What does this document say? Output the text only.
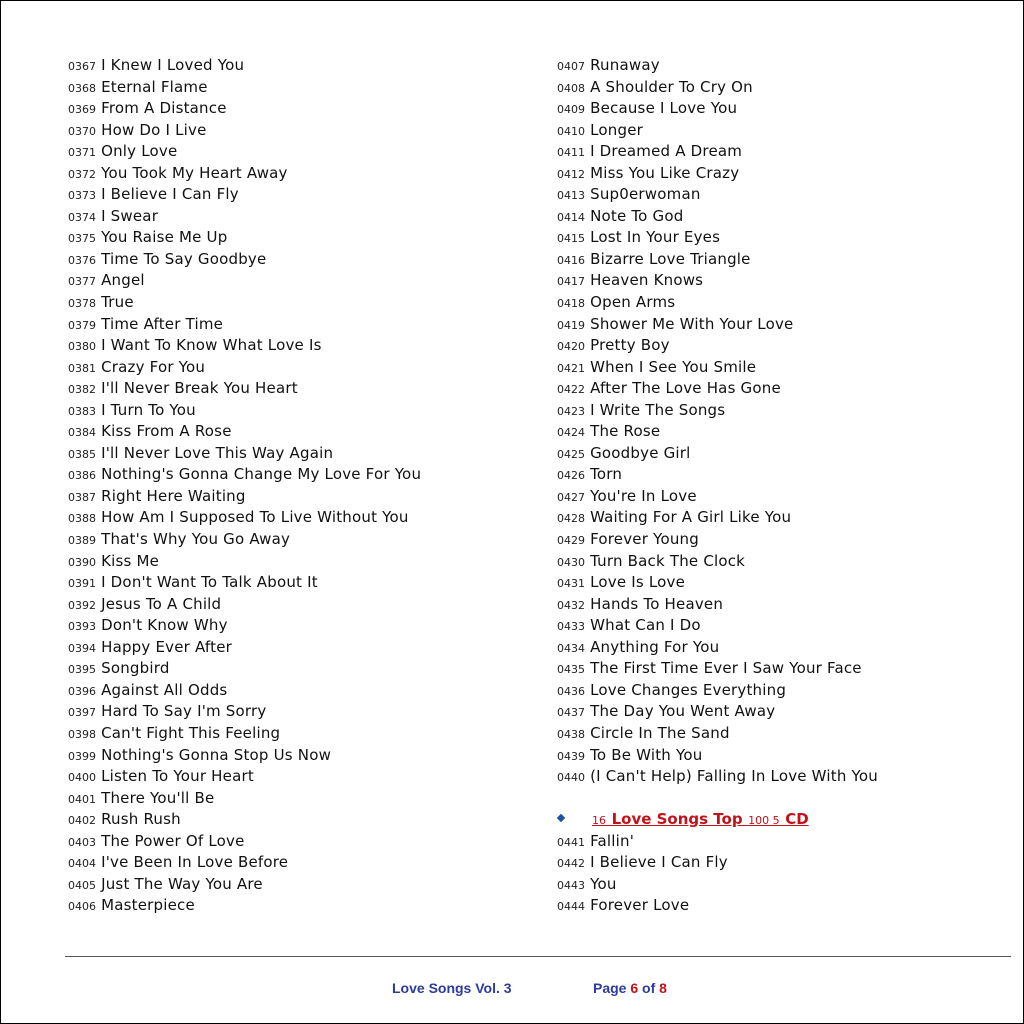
0367 I Knew I Loved You
0368 Eternal Flame
0369 From A Distance
0370 How Do I Live
0371 Only Love
0372 You Took My Heart Away
0373 I Believe I Can Fly
0374 I Swear
0375 You Raise Me Up
0376 Time To Say Goodbye
0377 Angel
0378 True
0379 Time After Time
0380 I Want To Know What Love Is
0381 Crazy For You
0382 I'll Never Break You Heart
0383 I Turn To You
0384 Kiss From A Rose
0385 I'll Never Love This Way Again
0386 Nothing's Gonna Change My Love For You
0387 Right Here Waiting
0388 How Am I Supposed To Live Without You
0389 That's Why You Go Away
0390 Kiss Me
0391 I Don't Want To Talk About It
0392 Jesus To A Child
0393 Don't Know Why
0394 Happy Ever After
0395 Songbird
0396 Against All Odds
0397 Hard To Say I'm Sorry
0398 Can't Fight This Feeling
0399 Nothing's Gonna Stop Us Now
0400 Listen To Your Heart
0401 There You'll Be
0402 Rush Rush
0403 The Power Of Love
0404 I've Been In Love Before
0405 Just The Way You Are
0406 Masterpiece
0407 Runaway
0408 A Shoulder To Cry On
0409 Because I Love You
0410 Longer
0411 I Dreamed A Dream
0412 Miss You Like Crazy
0413 Sup0erwoman
0414 Note To God
0415 Lost In Your Eyes
0416 Bizarre Love Triangle
0417 Heaven Knows
0418 Open Arms
0419 Shower Me With Your Love
0420 Pretty Boy
0421 When I See You Smile
0422 After The Love Has Gone
0423 I Write The Songs
0424 The Rose
0425 Goodbye Girl
0426 Torn
0427 You're In Love
0428 Waiting For A Girl Like You
0429 Forever Young
0430 Turn Back The Clock
0431 Love Is Love
0432 Hands To Heaven
0433 What Can I Do
0434 Anything For You
0435 The First Time Ever I Saw Your Face
0436 Love Changes Everything
0437 The Day You Went Away
0438 Circle In The Sand
0439 To Be With You
0440 (I Can't Help) Falling In Love With You
16 Love Songs Top 100 5 CD
0441 Fallin'
0442 I Believe I Can Fly
0443 You
0444 Forever Love
Love Songs Vol. 3	Page 6 of 8
